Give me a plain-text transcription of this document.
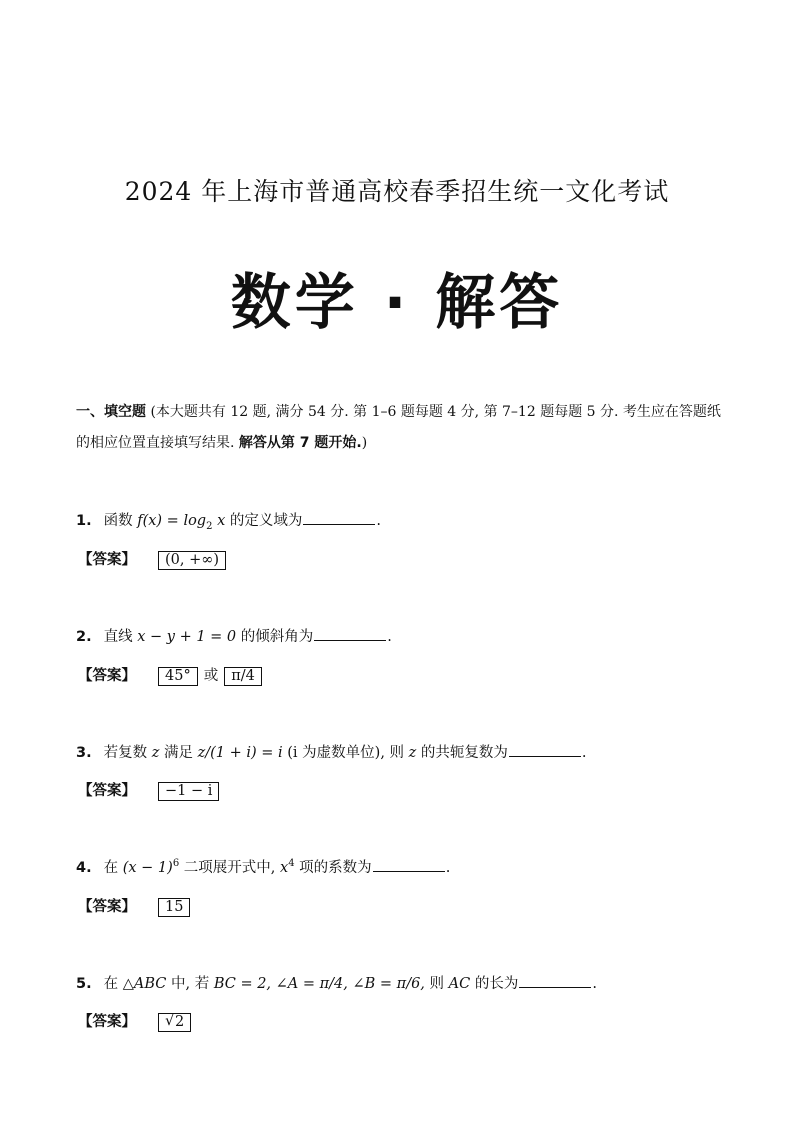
2024 年上海市普通高校春季招生统一文化考试
数学 · 解答
一、填空题 (本大题共有 12 题, 满分 54 分. 第 1–6 题每题 4 分, 第 7–12 题每题 5 分. 考生应在答题纸的相应位置直接填写结果. 解答从第 7 题开始.)
1. 函数 $f(x) = \log_2 x$ 的定义域为	.
【答案】 (0, +∞)
2. 直线 x − y + 1 = 0 的倾斜角为	.
【答案】 45° 或 π/4
3. 若复数 z 满足 z/(1 + i) = i (i 为虚数单位), 则 z 的共轭复数为	.
【答案】 −1 − i
4. 在 $(x - 1)^6$ 二项展开式中, $x^4$ 项的系数为	.
【答案】 15
5. 在 △ABC 中, 若 BC = 2, ∠A = π/4, ∠B = π/6, 则 AC 的长为	.
【答案】 √ 2
